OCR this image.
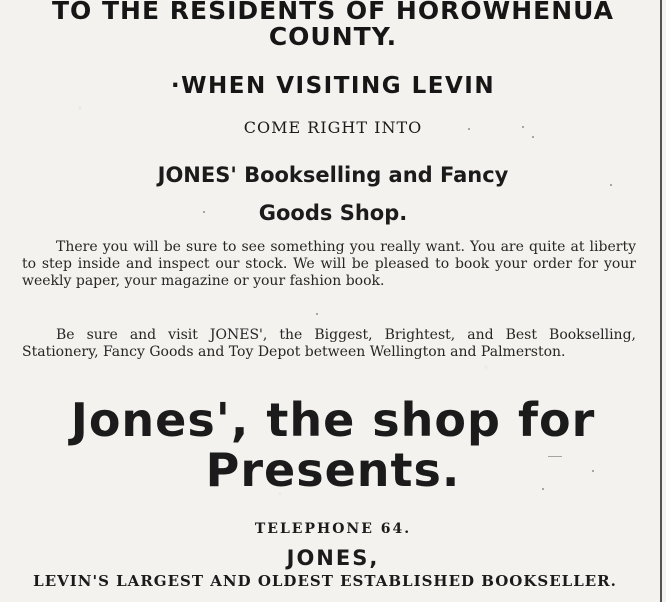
TO THE RESIDENTS OF HOROWHENUA
COUNTY.
·WHEN VISITING LEVIN
COME RIGHT INTO
JONES' Bookselling and Fancy
Goods Shop.
There you will be sure to see something you really want. You are quite at liberty to step inside and inspect our stock. We will be pleased to book your order for your weekly paper, your magazine or your fashion book.
Be sure and visit JONES', the Biggest, Brightest, and Best Bookselling, Stationery, Fancy Goods and Toy Depot between Wellington and Palmerston.
Jones', the shop for
Presents.
TELEPHONE 64.
JONES,
LEVIN'S LARGEST AND OLDEST ESTABLISHED BOOKSELLER.
